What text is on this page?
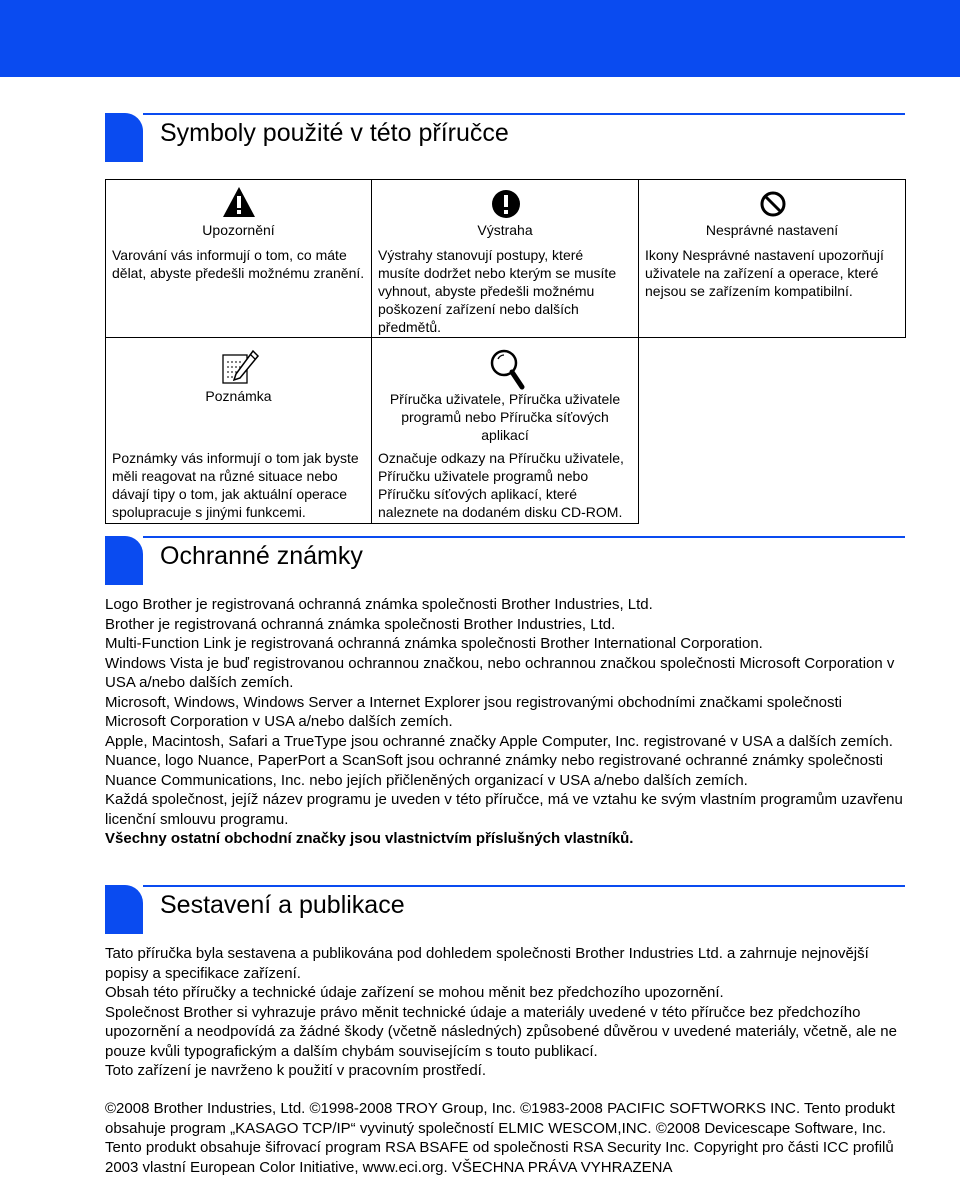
Symboly použité v této příručce
Upozornění
Varování vás informují o tom, co máte dělat, abyste předešli možnému zranění.
Výstraha
Výstrahy stanovují postupy, které musíte dodržet nebo kterým se musíte vyhnout, abyste předešli možnému poškození zařízení nebo dalších předmětů.
Nesprávné nastavení
Ikony Nesprávné nastavení upozorňují uživatele na zařízení a operace, které nejsou se zařízením kompatibilní.
Poznámka
Poznámky vás informují o tom jak byste měli reagovat na různé situace nebo dávají tipy o tom, jak aktuální operace spolupracuje s jinými funkcemi.
Příručka uživatele, Příručka uživatele programů nebo Příručka síťových aplikací
Označuje odkazy na Příručku uživatele, Příručku uživatele programů nebo Příručku síťových aplikací, které naleznete na dodaném disku CD-ROM.
Ochranné známky

Logo Brother je registrovaná ochranná známka společnosti Brother Industries, Ltd.

Brother je registrovaná ochranná známka společnosti Brother Industries, Ltd.

Multi-Function Link je registrovaná ochranná známka společnosti Brother International Corporation.

Windows Vista je buď registrovanou ochrannou značkou, nebo ochrannou značkou společnosti Microsoft Corporation v USA a/nebo dalších zemích.

Microsoft, Windows, Windows Server a Internet Explorer jsou registrovanými obchodními značkami společnosti Microsoft Corporation v USA a/nebo dalších zemích.

Apple, Macintosh, Safari a TrueType jsou ochranné značky Apple Computer, Inc. registrované v USA a dalších zemích.

Nuance, logo Nuance, PaperPort a ScanSoft jsou ochranné známky nebo registrované ochranné známky společnosti Nuance Communications, Inc. nebo jejích přičleněných organizací v USA a/nebo dalších zemích.

Každá společnost, jejíž název programu je uveden v této příručce, má ve vztahu ke svým vlastním programům uzavřenu licenční smlouvu programu.

Všechny ostatní obchodní značky jsou vlastnictvím příslušných vlastníků.

Sestavení a publikace

Tato příručka byla sestavena a publikována pod dohledem společnosti Brother Industries Ltd. a zahrnuje nejnovější popisy a specifikace zařízení.

Obsah této příručky a technické údaje zařízení se mohou měnit bez předchozího upozornění.

Společnost Brother si vyhrazuje právo měnit technické údaje a materiály uvedené v této příručce bez předchozího upozornění a neodpovídá za žádné škody (včetně následných) způsobené důvěrou v uvedené materiály, včetně, ale ne pouze kvůli typografickým a dalším chybám souvisejícím s touto publikací.

Toto zařízení je navrženo k použití v pracovním prostředí.

©2008 Brother Industries, Ltd. ©1998-2008 TROY Group, Inc. ©1983-2008 PACIFIC SOFTWORKS INC. Tento produkt obsahuje program „KASAGO TCP/IP“ vyvinutý společností ELMIC WESCOM,INC. ©2008 Devicescape Software, Inc. Tento produkt obsahuje šifrovací program RSA BSAFE od společnosti RSA Security Inc. Copyright pro části ICC profilů 2003 vlastní European Color Initiative, www.eci.org. VŠECHNA PRÁVA VYHRAZENA
